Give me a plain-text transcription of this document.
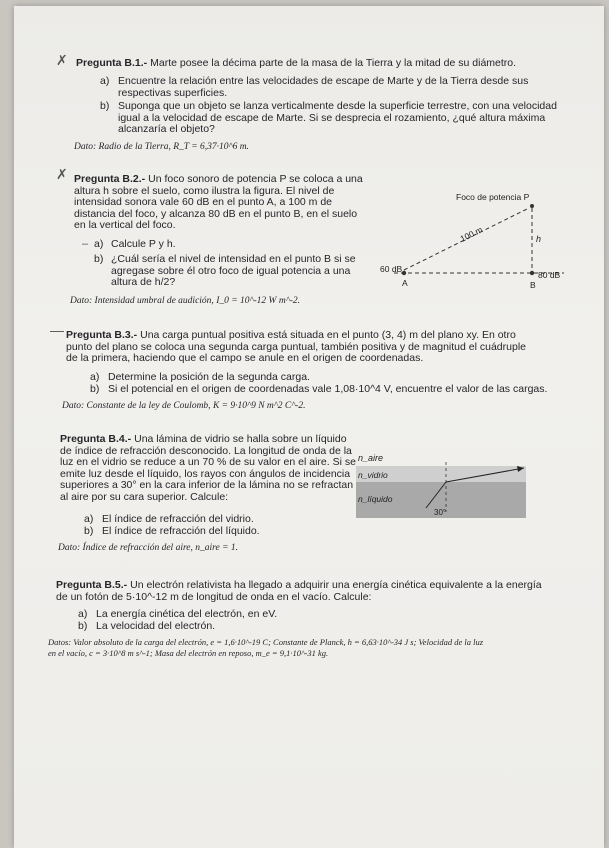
✗ Pregunta B.1.- Marte posee la décima parte de la masa de la Tierra y la mitad de su diámetro.
a) Encuentre la relación entre las velocidades de escape de Marte y de la Tierra desde sus
respectivas superficies.
b) Suponga que un objeto se lanza verticalmente desde la superficie terrestre, con una velocidad
igual a la velocidad de escape de Marte. Si se desprecia el rozamiento, ¿qué altura máxima
alcanzaría el objeto?
Dato: Radio de la Tierra, R_T = 6,37·10^6 m.
✗ Pregunta B.2.- Un foco sonoro de potencia P se coloca a una
altura h sobre el suelo, como ilustra la figura. El nivel de
intensidad sonora vale 60 dB en el punto A, a 100 m de
distancia del foco, y alcanza 80 dB en el punto B, en el suelo
en la vertical del foco.
– a) Calcule P y h.
b) ¿Cuál sería el nivel de intensidad en el punto B si se
agregase sobre él otro foco de igual potencia a una
altura de h/2?
Dato: Intensidad umbral de audición, I_0 = 10^-12 W m^-2.
Foco de potencia P
100 m	h
60 dB
80 dB
A	B
— Pregunta B.3.- Una carga puntual positiva está situada en el punto (3, 4) m del plano xy. En otro
punto del plano se coloca una segunda carga puntual, también positiva y de magnitud el cuádruple
de la primera, haciendo que el campo se anule en el origen de coordenadas.
a) Determine la posición de la segunda carga.
b) Si el potencial en el origen de coordenadas vale 1,08·10^4 V, encuentre el valor de las cargas.
Dato: Constante de la ley de Coulomb, K = 9·10^9 N m^2 C^-2.
Pregunta B.4.- Una lámina de vidrio se halla sobre un líquido
de índice de refracción desconocido. La longitud de onda de la
luz en el vidrio se reduce a un 70 % de su valor en el aire. Si se
emite luz desde el líquido, los rayos con ángulos de incidencia
superiores a 30° en la cara inferior de la lámina no se refractan
al aire por su cara superior. Calcule:
a) El índice de refracción del vidrio.
b) El índice de refracción del líquido.
Dato: Índice de refracción del aire, n_aire = 1.
n_aire
n_vidrio
n_líquido
30°
Pregunta B.5.- Un electrón relativista ha llegado a adquirir una energía cinética equivalente a la energía
de un fotón de 5·10^-12 m de longitud de onda en el vacío. Calcule:
a) La energía cinética del electrón, en eV.
b) La velocidad del electrón.
Datos: Valor absoluto de la carga del electrón, e = 1,6·10^-19 C; Constante de Planck, h = 6,63·10^-34 J s; Velocidad de la luz
en el vacío, c = 3·10^8 m s^-1; Masa del electrón en reposo, m_e = 9,1·10^-31 kg.
